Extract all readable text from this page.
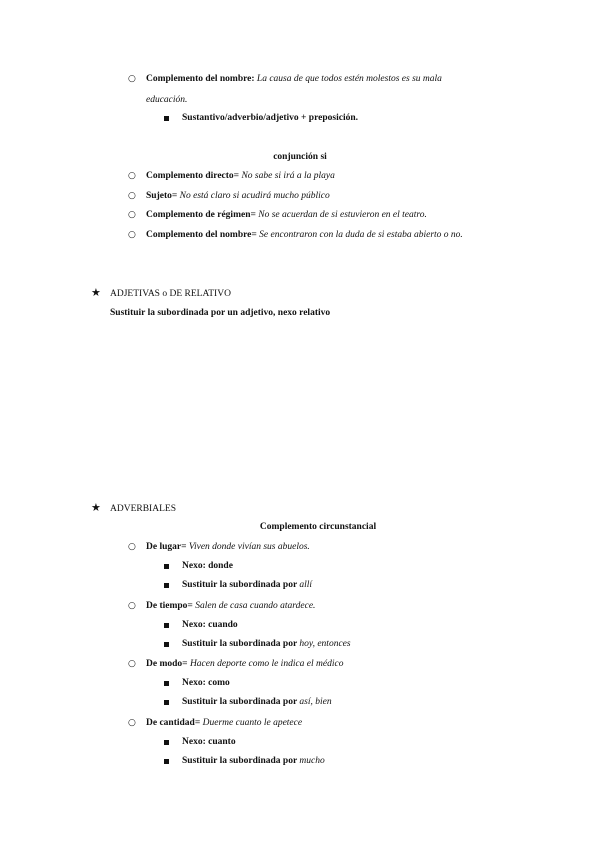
○ Complemento del nombre: La causa de que todos estén molestos es su mala
educación.
Sustantivo/adverbio/adjetivo + preposición.
conjunción si
○ Complemento directo= No sabe si irá a la playa
○ Sujeto= No está claro si acudirá mucho público
○ Complemento de régimen= No se acuerdan de si estuvieron en el teatro.
○ Complemento del nombre= Se encontraron con la duda de si estaba abierto o no.
★ ADJETIVAS o DE RELATIVO
Sustituir la subordinada por un adjetivo, nexo relativo
★ ADVERBIALES
Complemento circunstancial
○ De lugar= Viven donde vivían sus abuelos.
Nexo: donde
Sustituir la subordinada por allí
○ De tiempo= Salen de casa cuando atardece.
Nexo: cuando
Sustituir la subordinada por hoy, entonces
○ De modo= Hacen deporte como le indica el médico
Nexo: como
Sustituir la subordinada por así, bien
○ De cantidad= Duerme cuanto le apetece
Nexo: cuanto
Sustituir la subordinada por mucho
